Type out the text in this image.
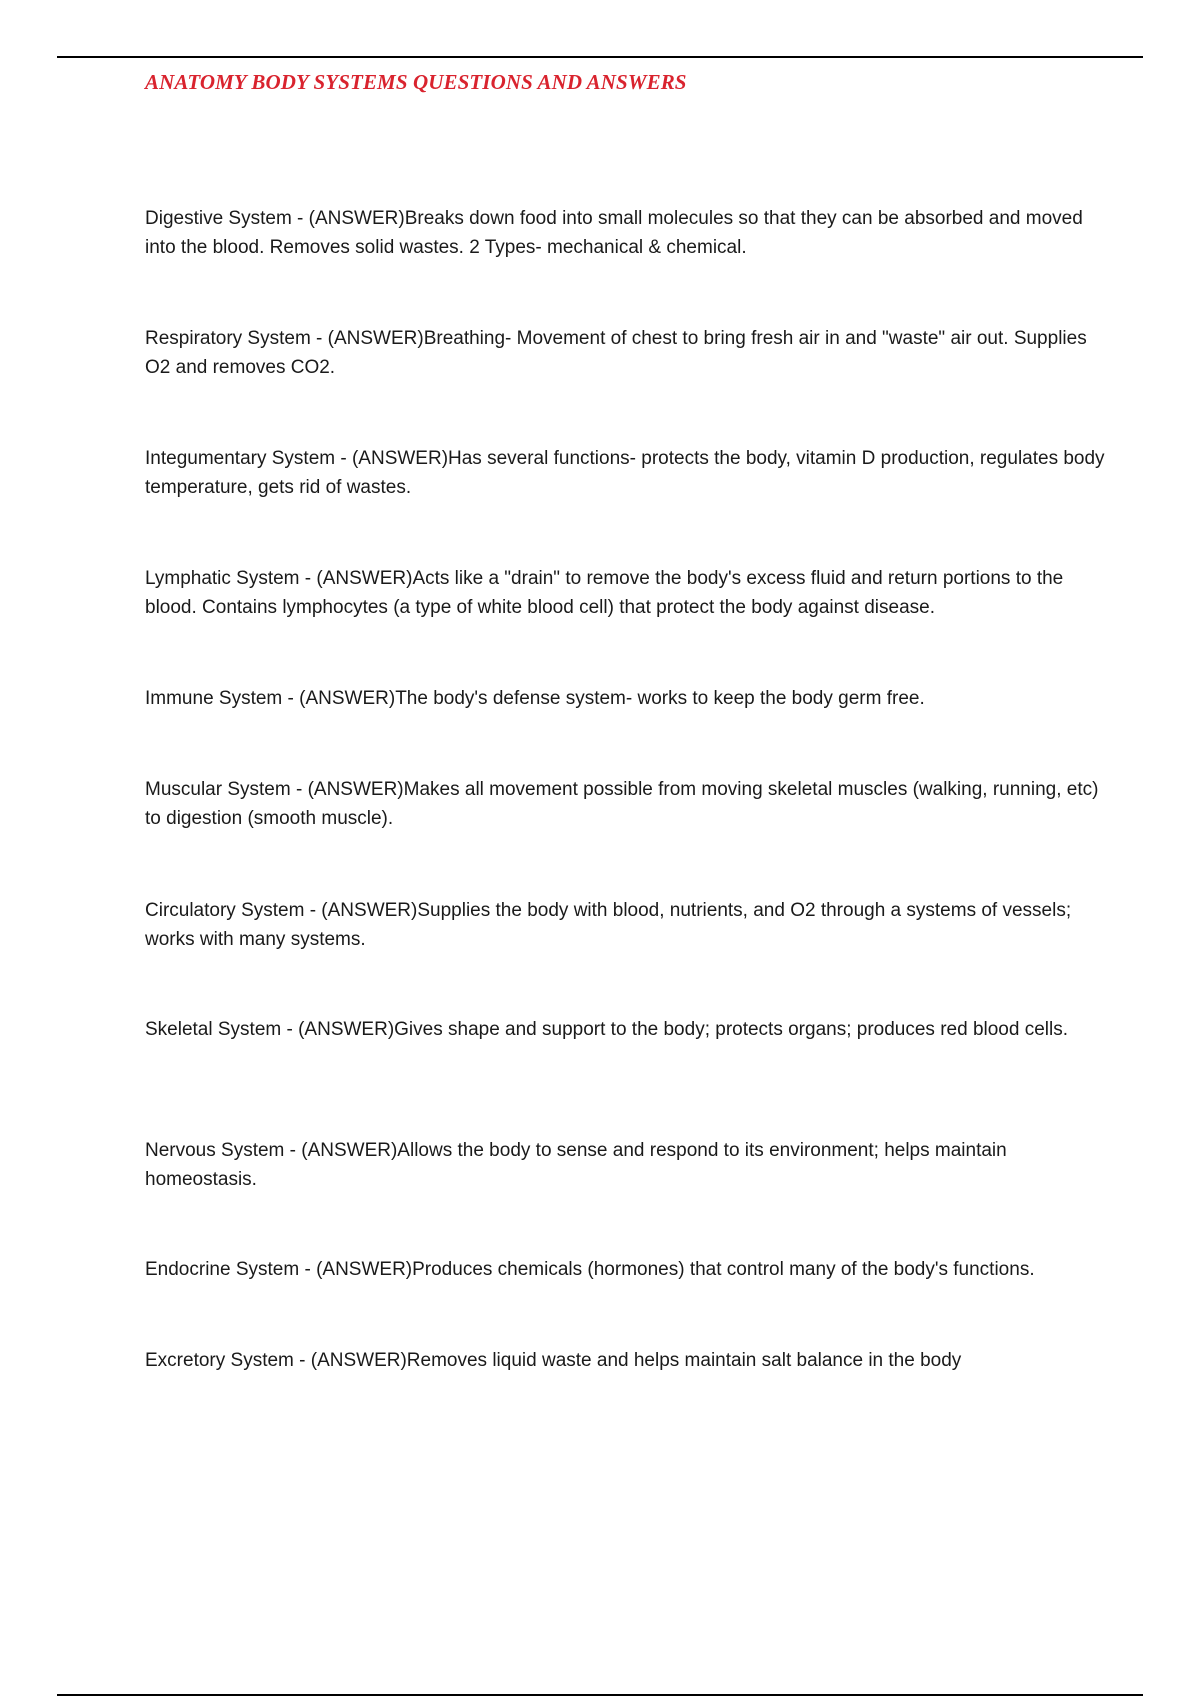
ANATOMY BODY SYSTEMS QUESTIONS AND ANSWERS

Digestive System - (ANSWER)Breaks down food into small molecules so that they can be absorbed and moved into the blood. Removes solid wastes. 2 Types- mechanical & chemical.

Respiratory System - (ANSWER)Breathing- Movement of chest to bring fresh air in and "waste" air out. Supplies O2 and removes CO2.

Integumentary System - (ANSWER)Has several functions- protects the body, vitamin D production, regulates body temperature, gets rid of wastes.

Lymphatic System - (ANSWER)Acts like a "drain" to remove the body's excess fluid and return portions to the blood. Contains lymphocytes (a type of white blood cell) that protect the body against disease.

Immune System - (ANSWER)The body's defense system- works to keep the body germ free.

Muscular System - (ANSWER)Makes all movement possible from moving skeletal muscles (walking, running, etc) to digestion (smooth muscle).

Circulatory System - (ANSWER)Supplies the body with blood, nutrients, and O2 through a systems of vessels; works with many systems.

Skeletal System - (ANSWER)Gives shape and support to the body; protects organs; produces red blood cells.

Nervous System - (ANSWER)Allows the body to sense and respond to its environment; helps maintain homeostasis.

Endocrine System - (ANSWER)Produces chemicals (hormones) that control many of the body's functions.

Excretory System - (ANSWER)Removes liquid waste and helps maintain salt balance in the body
